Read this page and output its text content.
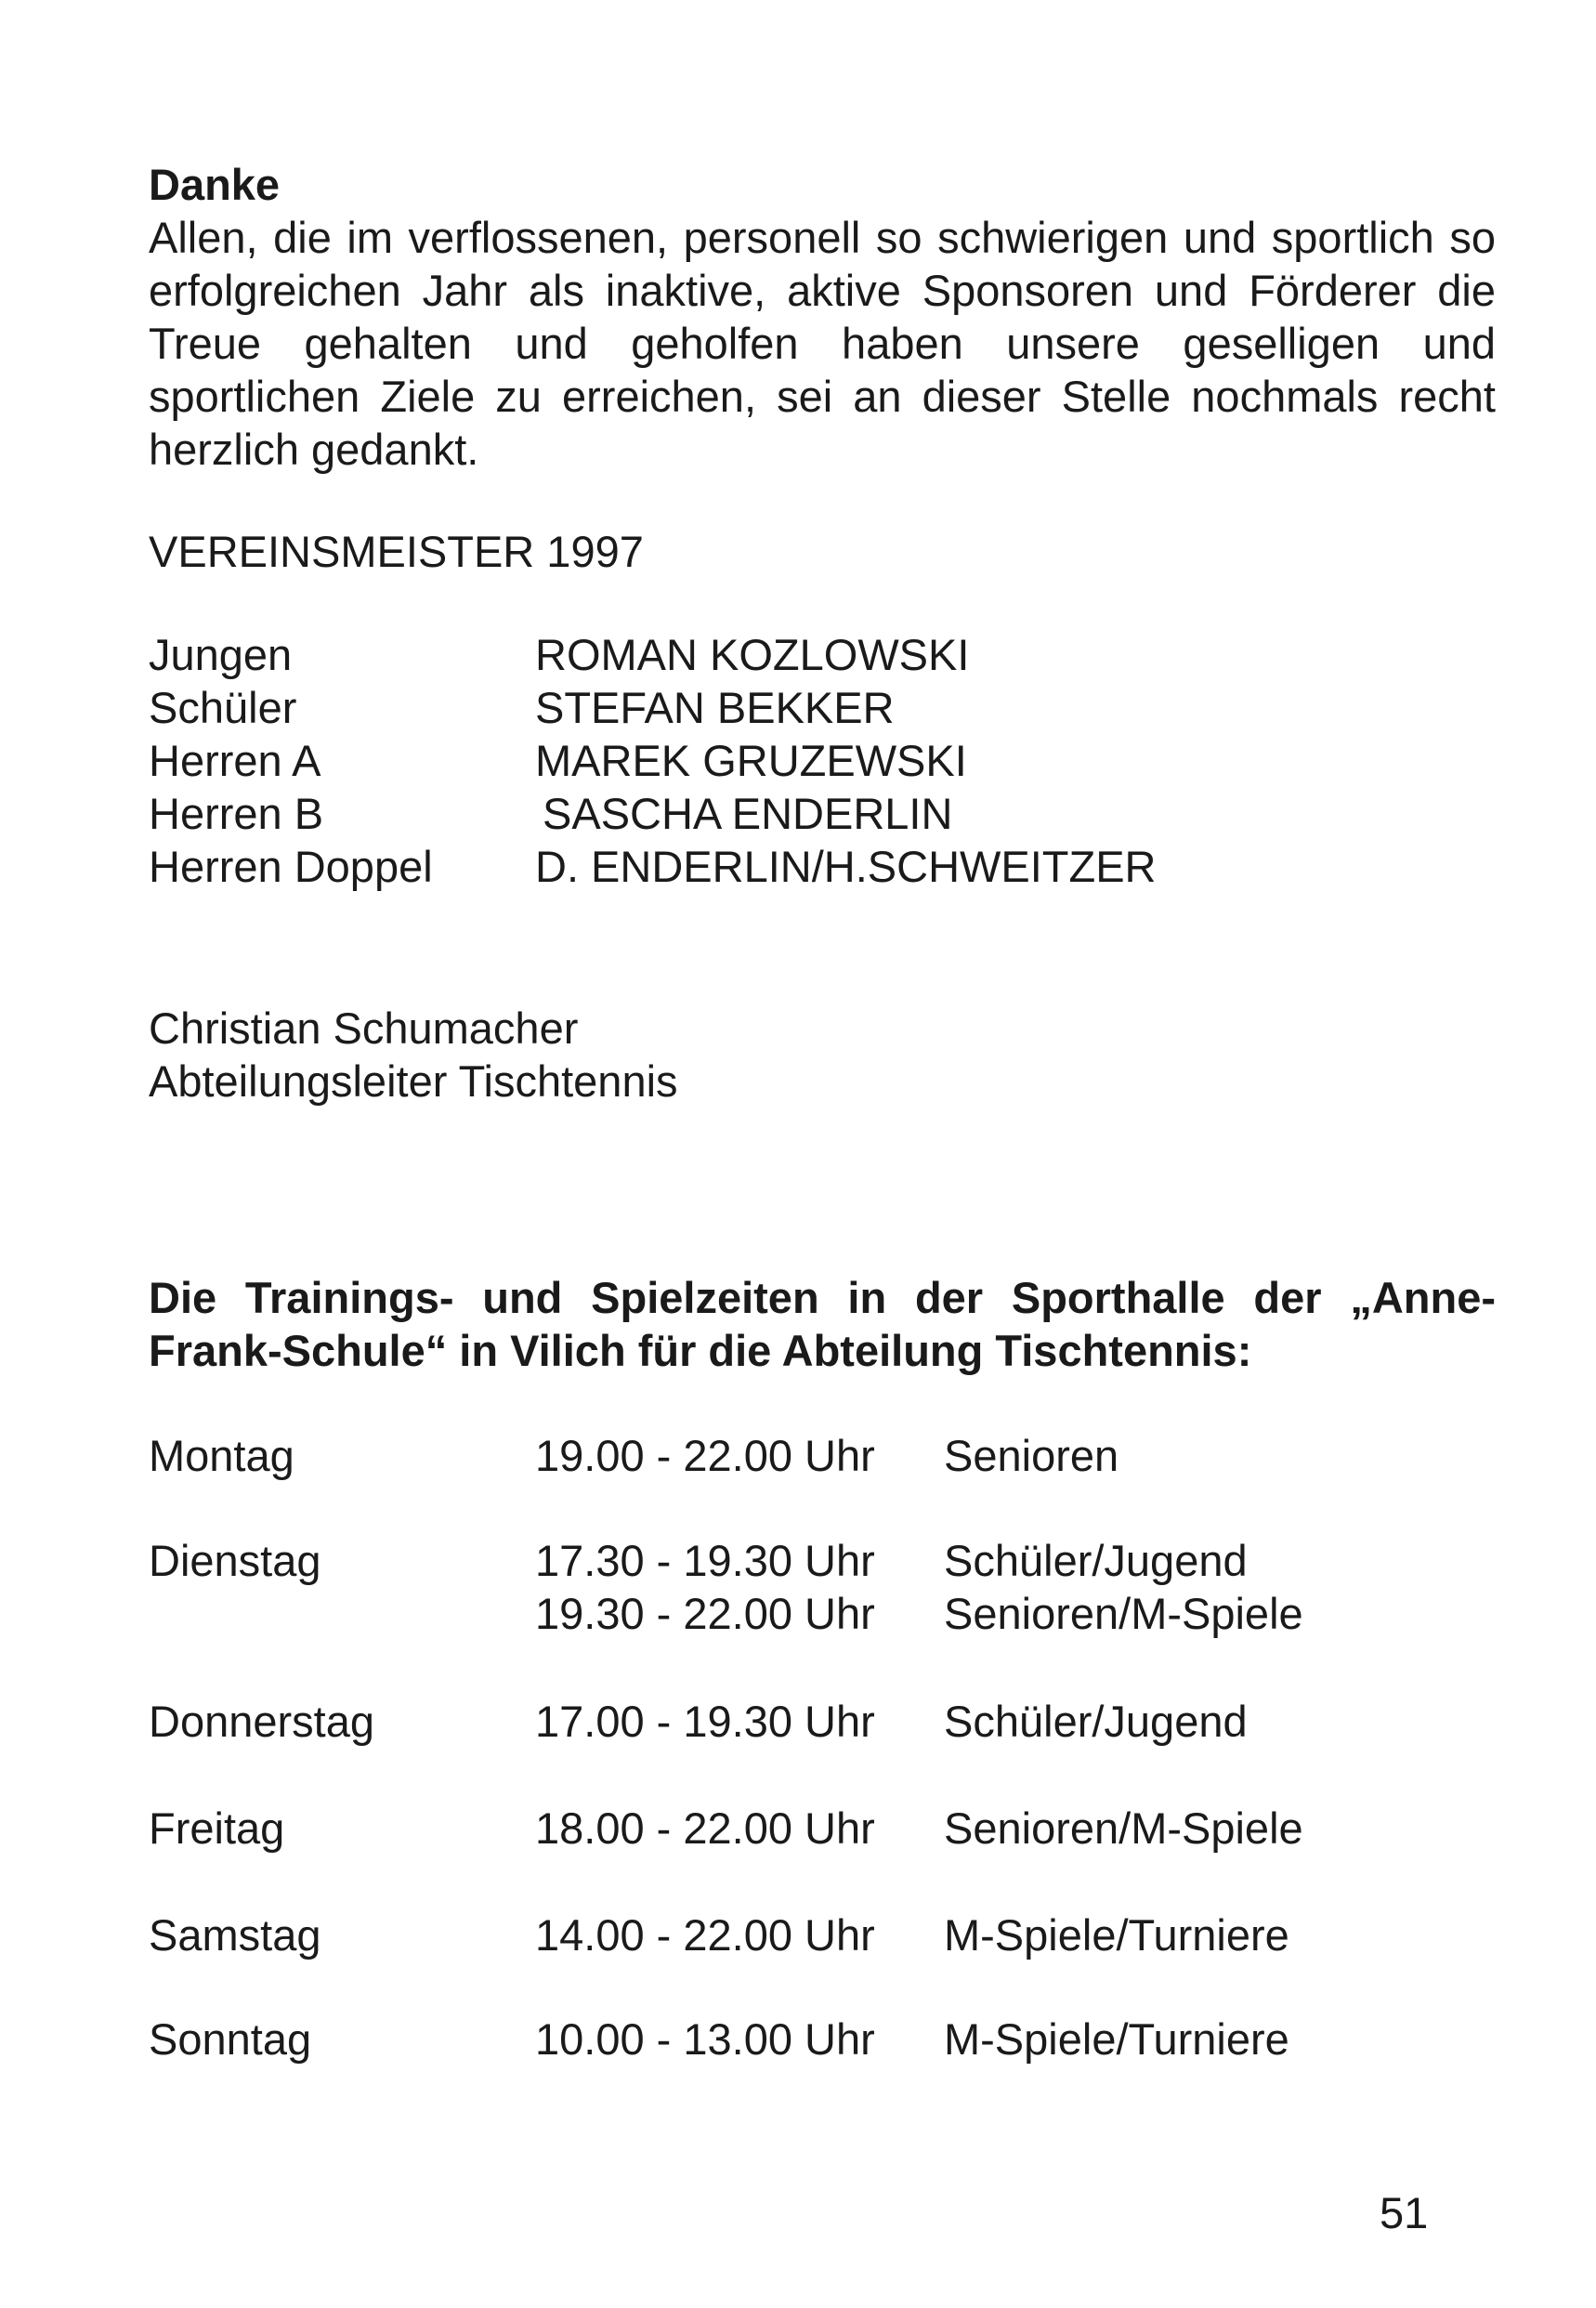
Danke

Allen, die im verflossenen, personell so schwierigen und sportlich so erfolgreichen Jahr als inaktive, aktive Sponsoren und Förderer die Treue gehalten und geholfen haben unsere geselligen und sportlichen Ziele zu erreichen, sei an dieser Stelle nochmals recht herzlich gedankt.

VEREINSMEISTER 1997

Jungen	ROMAN KOZLOWSKI
Schüler	STEFAN BEKKER
Herren A	MAREK GRUZEWSKI
Herren B	SASCHA ENDERLIN
Herren Doppel	D. ENDERLIN/H.SCHWEITZER

Christian Schumacher

Abteilungsleiter Tischtennis

Die Trainings- und Spielzeiten in der Sporthalle der „Anne-Frank-Schule“ in Vilich für die Abteilung Tischtennis:
Montag	19.00 - 22.00 Uhr	Senioren
Dienstag	17.30 - 19.30 Uhr	Schüler/Jugend
19.30 - 22.00 Uhr	Senioren/M-Spiele
Donnerstag	17.00 - 19.30 Uhr	Schüler/Jugend
Freitag	18.00 - 22.00 Uhr	Senioren/M-Spiele
Samstag	14.00 - 22.00 Uhr	M-Spiele/Turniere
Sonntag	10.00 - 13.00 Uhr	M-Spiele/Turniere

51
